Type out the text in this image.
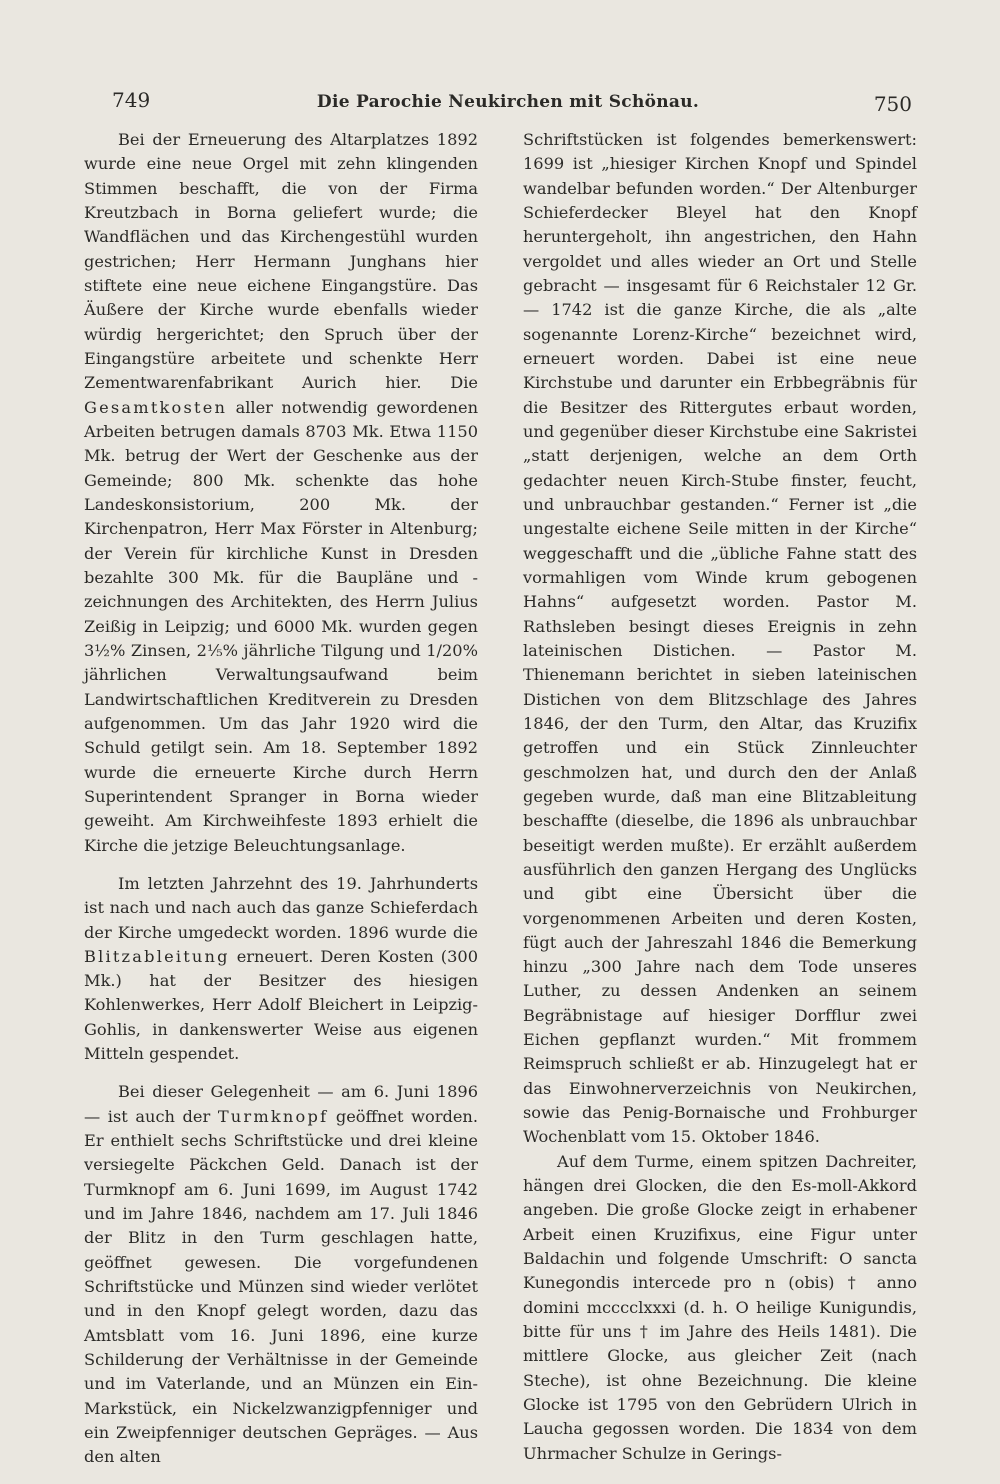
749	Die Parochie Neukirchen mit Schönau.	750

Bei der Erneuerung des Altarplatzes 1892 wurde eine neue Orgel mit zehn klingenden Stimmen beschafft, die von der Firma Kreutzbach in Borna geliefert wurde; die Wandflächen und das Kirchengestühl wurden gestrichen; Herr Hermann Junghans hier stiftete eine neue eichene Eingangstüre. Das Äußere der Kirche wurde ebenfalls wieder würdig hergerichtet; den Spruch über der Eingangstüre arbeitete und schenkte Herr Zementwarenfabrikant Aurich hier. Die Gesamtkosten aller notwendig gewordenen Arbeiten betrugen damals 8703 Mk. Etwa 1150 Mk. betrug der Wert der Geschenke aus der Gemeinde; 800 Mk. schenkte das hohe Landeskonsistorium, 200 Mk. der Kirchenpatron, Herr Max Förster in Altenburg; der Verein für kirchliche Kunst in Dresden bezahlte 300 Mk. für die Baupläne und -zeichnungen des Architekten, des Herrn Julius Zeißig in Leipzig; und 6000 Mk. wurden gegen 3½% Zinsen, 2⅕% jährliche Tilgung und 1/20% jährlichen Verwaltungsaufwand beim Landwirtschaftlichen Kreditverein zu Dresden aufgenommen. Um das Jahr 1920 wird die Schuld getilgt sein. Am 18. September 1892 wurde die erneuerte Kirche durch Herrn Superintendent Spranger in Borna wieder geweiht. Am Kirchweihfeste 1893 erhielt die Kirche die jetzige Beleuchtungsanlage.

Im letzten Jahrzehnt des 19. Jahrhunderts ist nach und nach auch das ganze Schieferdach der Kirche umgedeckt worden. 1896 wurde die Blitzableitung erneuert. Deren Kosten (300 Mk.) hat der Besitzer des hiesigen Kohlenwerkes, Herr Adolf Bleichert in Leipzig-Gohlis, in dankenswerter Weise aus eigenen Mitteln gespendet.

Bei dieser Gelegenheit — am 6. Juni 1896 — ist auch der Turmknopf geöffnet worden. Er enthielt sechs Schriftstücke und drei kleine versiegelte Päckchen Geld. Danach ist der Turmknopf am 6. Juni 1699, im August 1742 und im Jahre 1846, nachdem am 17. Juli 1846 der Blitz in den Turm geschlagen hatte, geöffnet gewesen. Die vorgefundenen Schriftstücke und Münzen sind wieder verlötet und in den Knopf gelegt worden, dazu das Amtsblatt vom 16. Juni 1896, eine kurze Schilderung der Verhältnisse in der Gemeinde und im Vaterlande, und an Münzen ein Ein-Markstück, ein Nickelzwanzigpfenniger und ein Zweipfenniger deutschen Gepräges. — Aus den alten

Schriftstücken ist folgendes bemerkenswert: 1699 ist „hiesiger Kirchen Knopf und Spindel wandelbar befunden worden.“ Der Altenburger Schieferdecker Bleyel hat den Knopf heruntergeholt, ihn angestrichen, den Hahn vergoldet und alles wieder an Ort und Stelle gebracht — insgesamt für 6 Reichstaler 12 Gr. — 1742 ist die ganze Kirche, die als „alte sogenannte Lorenz-Kirche“ bezeichnet wird, erneuert worden. Dabei ist eine neue Kirchstube und darunter ein Erbbegräbnis für die Besitzer des Rittergutes erbaut worden, und gegenüber dieser Kirchstube eine Sakristei „statt derjenigen, welche an dem Orth gedachter neuen Kirch-Stube finster, feucht, und unbrauchbar gestanden.“ Ferner ist „die ungestalte eichene Seile mitten in der Kirche“ weggeschafft und die „übliche Fahne statt des vormahligen vom Winde krum gebogenen Hahns“ aufgesetzt worden. Pastor M. Rathsleben besingt dieses Ereignis in zehn lateinischen Distichen. — Pastor M. Thienemann berichtet in sieben lateinischen Distichen von dem Blitzschlage des Jahres 1846, der den Turm, den Altar, das Kruzifix getroffen und ein Stück Zinnleuchter geschmolzen hat, und durch den der Anlaß gegeben wurde, daß man eine Blitzableitung beschaffte (dieselbe, die 1896 als unbrauchbar beseitigt werden mußte). Er erzählt außerdem ausführlich den ganzen Hergang des Unglücks und gibt eine Übersicht über die vorgenommenen Arbeiten und deren Kosten, fügt auch der Jahreszahl 1846 die Bemerkung hinzu „300 Jahre nach dem Tode unseres Luther, zu dessen Andenken an seinem Begräbnistage auf hiesiger Dorfflur zwei Eichen gepflanzt wurden.“ Mit frommem Reimspruch schließt er ab. Hinzugelegt hat er das Einwohnerverzeichnis von Neukirchen, sowie das Penig-Bornaische und Frohburger Wochenblatt vom 15. Oktober 1846.

Auf dem Turme, einem spitzen Dachreiter, hängen drei Glocken, die den Es-moll-Akkord angeben. Die große Glocke zeigt in erhabener Arbeit einen Kruzifixus, eine Figur unter Baldachin und folgende Umschrift: O sancta Kunegondis intercede pro n (obis) † anno domini mcccclxxxi (d. h. O heilige Kunigundis, bitte für uns † im Jahre des Heils 1481). Die mittlere Glocke, aus gleicher Zeit (nach Steche), ist ohne Bezeichnung. Die kleine Glocke ist 1795 von den Gebrüdern Ulrich in Laucha gegossen worden. Die 1834 von dem Uhrmacher Schulze in Gerings-
